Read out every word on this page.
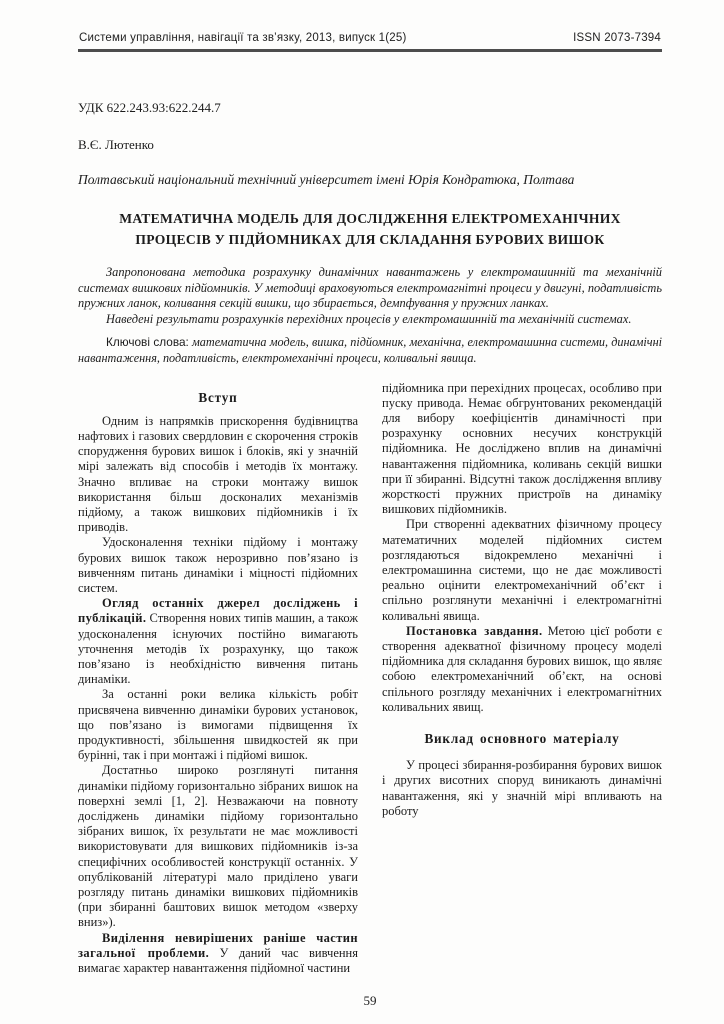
Системи управління, навігації та зв’язку, 2013, випуск 1(25)	ISSN 2073-7394
УДК 622.243.93:622.244.7
В.Є. Лютенко
Полтавський національний технічний університет імені Юрія Кондратюка, Полтава
МАТЕМАТИЧНА МОДЕЛЬ ДЛЯ ДОСЛІДЖЕННЯ ЕЛЕКТРОМЕХАНІЧНИХ ПРОЦЕСІВ У ПІДЙОМНИКАХ ДЛЯ СКЛАДАННЯ БУРОВИХ ВИШОК

Запропонована методика розрахунку динамічних навантажень у електромашинній та механічній системах вишкових підйомників. У методиці враховуються електромагнітні процеси у двигуні, податливість пружних ланок, коливання секцій вишки, що збирається, демпфування у пружних ланках.

Наведені результати розрахунків перехідних процесів у електромашинній та механічній системах.

Ключові слова: математична модель, вишка, підйомник, механічна, електромашинна системи, динамічні навантаження, податливість, електромеханічні процеси, коливальні явища.

Вступ

Одним із напрямків прискорення будівництва нафтових і газових свердловин є скорочення строків спорудження бурових вишок і блоків, які у значній мірі залежать від способів і методів їх монтажу. Значно впливає на строки монтажу вишок використання більш досконалих механізмів підйому, а також вишкових підйомників і їх приводів.

Удосконалення техніки підйому і монтажу бурових вишок також нерозривно пов’язано із вивченням питань динаміки і міцності підйомних систем.

Огляд останніх джерел досліджень і публікацій. Створення нових типів машин, а також удосконалення існуючих постійно вимагають уточнення методів їх розрахунку, що також пов’язано із необхідністю вивчення питань динаміки.

За останні роки велика кількість робіт присвячена вивченню динаміки бурових установок, що пов’язано із вимогами підвищення їх продуктивності, збільшення швидкостей як при бурінні, так і при монтажі і підйомі вишок.

Достатньо широко розглянуті питання динаміки підйому горизонтально зібраних вишок на поверхні землі [1, 2]. Незважаючи на повноту досліджень динаміки підйому горизонтально зібраних вишок, їх результати не має можливості використовувати для вишкових підйомників із-за специфічних особливостей конструкції останніх. У опублікованій літературі мало приділено уваги розгляду питань динаміки вишкових підйомників (при збиранні баштових вишок методом «зверху вниз»).

Виділення невирішених раніше частин загальної проблеми. У даний час вивчення вимагає характер навантаження підйомної частини

підйомника при перехідних процесах, особливо при пуску привода. Немає обгрунтованих рекомендацій для вибору коефіцієнтів динамічності при розрахунку основних несучих конструкцій підйомника. Не досліджено вплив на динамічні навантаження підйомника, коливань секцій вишки при її збиранні. Відсутні також дослідження впливу жорсткості пружних пристроїв на динаміку вишкових підйомників.

При створенні адекватних фізичному процесу математичних моделей підйомних систем розглядаються відокремлено механічні і електромашинна системи, що не дає можливості реально оцінити електромеханічний об’єкт і спільно розглянути механічні і електромагнітні коливальні явища.

Постановка завдання. Метою цієї роботи є створення адекватної фізичному процесу моделі підйомника для складання бурових вишок, що являє собою електромеханічний об’єкт, на основі спільного розгляду механічних і електромагнітних коливальних явищ.

Виклад основного матеріалу

У процесі збирання-розбирання бурових вишок і других висотних споруд виникають динамічні навантаження, які у значній мірі впливають на роботу

59
